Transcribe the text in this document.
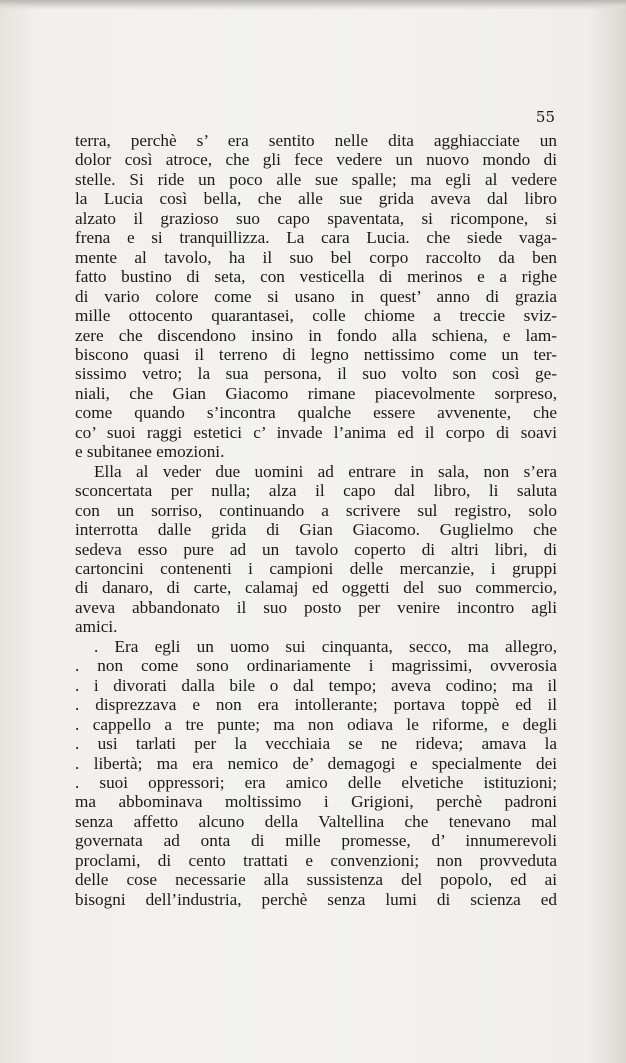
55
terra, perchè s’ era sentito nelle dita agghiacciate un
dolor così atroce, che gli fece vedere un nuovo mondo di
stelle. Si ride un poco alle sue spalle; ma egli al vedere
la Lucia così bella, che alle sue grida aveva dal libro
alzato il grazioso suo capo spaventata, si ricompone, si
frena e si tranquillizza. La cara Lucia. che siede vaga-
mente al tavolo, ha il suo bel corpo raccolto da ben
fatto bustino di seta, con vesticella di merinos e a righe
di vario colore come si usano in quest’ anno di grazia
mille ottocento quarantasei, colle chiome a treccie sviz-
zere che discendono insino in fondo alla schiena, e lam-
biscono quasi il terreno di legno nettissimo come un ter-
sissimo vetro; la sua persona, il suo volto son così ge-
niali, che Gian Giacomo rimane piacevolmente sorpreso,
come quando s’incontra qualche essere avvenente, che
co’ suoi raggi estetici c’ invade l’anima ed il corpo di soavi
e subitanee emozioni.
Ella al veder due uomini ad entrare in sala, non s’era
sconcertata per nulla; alza il capo dal libro, li saluta
con un sorriso, continuando a scrivere sul registro, solo
interrotta dalle grida di Gian Giacomo. Guglielmo che
sedeva esso pure ad un tavolo coperto di altri libri, di
cartoncini contenenti i campioni delle mercanzie, i gruppi
di danaro, di carte, calamaj ed oggetti del suo commercio,
aveva abbandonato il suo posto per venire incontro agli
amici.
. Era egli un uomo sui cinquanta, secco, ma allegro,
. non come sono ordinariamente i magrissimi, ovverosia
. i divorati dalla bile o dal tempo; aveva codino; ma il
. disprezzava e non era intollerante; portava toppè ed il
. cappello a tre punte; ma non odiava le riforme, e degli
. usi tarlati per la vecchiaia se ne rideva; amava la
. libertà; ma era nemico de’ demagogi e specialmente dei
. suoi oppressori; era amico delle elvetiche istituzioni;
ma abbominava moltissimo i Grigioni, perchè padroni
senza affetto alcuno della Valtellina che tenevano mal
governata ad onta di mille promesse, d’ innumerevoli
proclami, di cento trattati e convenzioni; non provveduta
delle cose necessarie alla sussistenza del popolo, ed ai
bisogni dell’industria, perchè senza lumi di scienza ed
